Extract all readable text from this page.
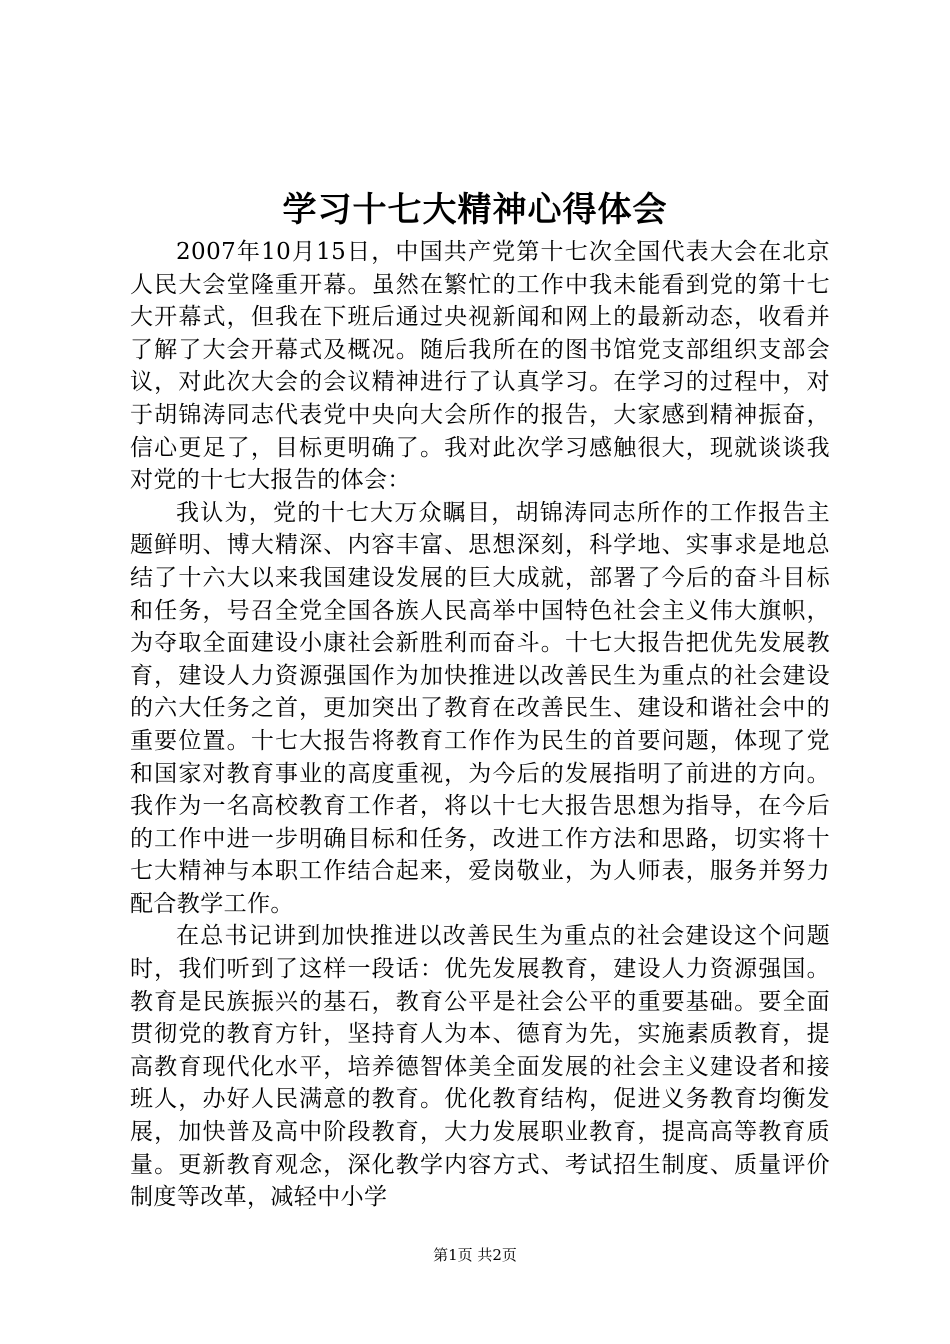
学习十七大精神心得体会

2007年10月15日，中国共产党第十七次全国代表大会在北京人民大会堂隆重开幕。虽然在繁忙的工作中我未能看到党的第十七大开幕式，但我在下班后通过央视新闻和网上的最新动态，收看并了解了大会开幕式及概况。随后我所在的图书馆党支部组织支部会议，对此次大会的会议精神进行了认真学习。在学习的过程中，对于胡锦涛同志代表党中央向大会所作的报告，大家感到精神振奋，信心更足了，目标更明确了。我对此次学习感触很大，现就谈谈我对党的十七大报告的体会：

我认为，党的十七大万众瞩目，胡锦涛同志所作的工作报告主题鲜明、博大精深、内容丰富、思想深刻，科学地、实事求是地总结了十六大以来我国建设发展的巨大成就，部署了今后的奋斗目标和任务，号召全党全国各族人民高举中国特色社会主义伟大旗帜，为夺取全面建设小康社会新胜利而奋斗。十七大报告把优先发展教育，建设人力资源强国作为加快推进以改善民生为重点的社会建设的六大任务之首，更加突出了教育在改善民生、建设和谐社会中的重要位置。十七大报告将教育工作作为民生的首要问题，体现了党和国家对教育事业的高度重视，为今后的发展指明了前进的方向。我作为一名高校教育工作者，将以十七大报告思想为指导，在今后的工作中进一步明确目标和任务，改进工作方法和思路，切实将十七大精神与本职工作结合起来，爱岗敬业，为人师表，服务并努力配合教学工作。

在总书记讲到加快推进以改善民生为重点的社会建设这个问题时，我们听到了这样一段话：优先发展教育，建设人力资源强国。教育是民族振兴的基石，教育公平是社会公平的重要基础。要全面贯彻党的教育方针，坚持育人为本、德育为先，实施素质教育，提高教育现代化水平，培养德智体美全面发展的社会主义建设者和接班人，办好人民满意的教育。优化教育结构，促进义务教育均衡发展，加快普及高中阶段教育，大力发展职业教育，提高高等教育质量。更新教育观念，深化教学内容方式、考试招生制度、质量评价制度等改革，减轻中小学

第1页 共2页
